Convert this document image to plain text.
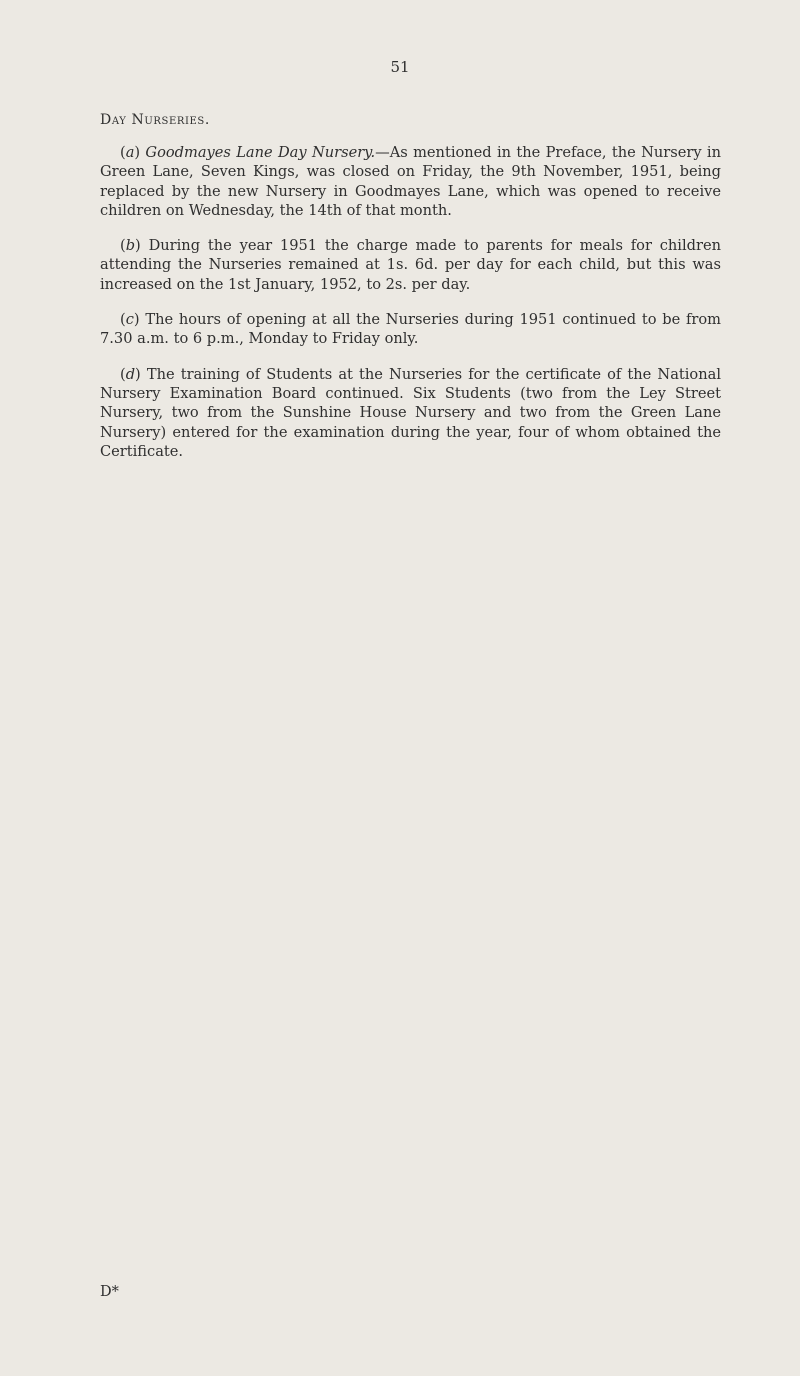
51
Day Nurseries.

(a) Goodmayes Lane Day Nursery.—As mentioned in the Preface, the Nursery in Green Lane, Seven Kings, was closed on Friday, the 9th November, 1951, being replaced by the new Nursery in Goodmayes Lane, which was opened to receive children on Wednesday, the 14th of that month.

(b) During the year 1951 the charge made to parents for meals for children attending the Nurseries remained at 1s. 6d. per day for each child, but this was increased on the 1st January, 1952, to 2s. per day.

(c) The hours of opening at all the Nurseries during 1951 continued to be from 7.30 a.m. to 6 p.m., Monday to Friday only.

(d) The training of Students at the Nurseries for the certificate of the National Nursery Examination Board continued. Six Students (two from the Ley Street Nursery, two from the Sunshine House Nursery and two from the Green Lane Nursery) entered for the examination during the year, four of whom obtained the Certificate.

D*
